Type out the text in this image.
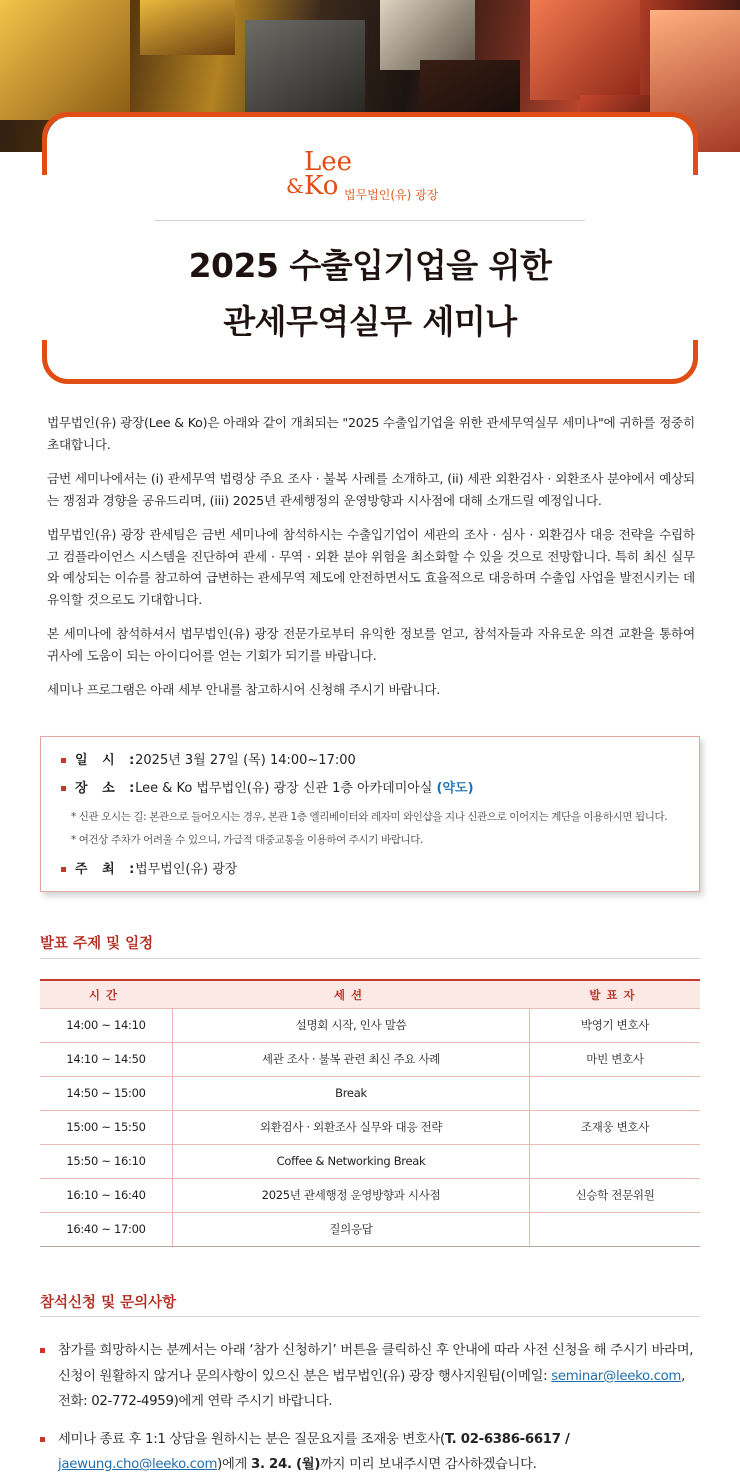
Lee
& Ko 법무법인(유) 광장
2025 수출입기업을 위한
관세무역실무 세미나

법무법인(유) 광장(Lee & Ko)은 아래와 같이 개최되는 "2025 수출입기업을 위한 관세무역실무 세미나"에 귀하를 정중히 초대합니다.

금번 세미나에서는 (i) 관세무역 법령상 주요 조사 · 불복 사례를 소개하고, (ii) 세관 외환검사 · 외환조사 분야에서 예상되는 쟁점과 경향을 공유드리며, (iii) 2025년 관세행정의 운영방향과 시사점에 대해 소개드릴 예정입니다.

법무법인(유) 광장 관세팀은 금번 세미나에 참석하시는 수출입기업이 세관의 조사 · 심사 · 외환검사 대응 전략을 수립하고 컴플라이언스 시스템을 진단하여 관세 · 무역 · 외환 분야 위험을 최소화할 수 있을 것으로 전망합니다. 특히 최신 실무와 예상되는 이슈를 참고하여 급변하는 관세무역 제도에 안전하면서도 효율적으로 대응하며 수출입 사업을 발전시키는 데 유익할 것으로도 기대합니다.

본 세미나에 참석하셔서 법무법인(유) 광장 전문가로부터 유익한 정보를 얻고, 참석자들과 자유로운 의견 교환을 통하여 귀사에 도움이 되는 아이디어를 얻는 기회가 되기를 바랍니다.

세미나 프로그램은 아래 세부 안내를 참고하시어 신청해 주시기 바랍니다.

일 시 : 2025년 3월 27일 (목) 14:00~17:00
장 소 : Lee & Ko 법무법인(유) 광장 신관 1층 아카데미아실 (약도)
* 신관 오시는 길: 본관으로 들어오시는 경우, 본관 1층 엘리베이터와 레자미 와인샵을 지나 신관으로 이어지는 계단을 이용하시면 됩니다.
* 여건상 주차가 어려울 수 있으니, 가급적 대중교통을 이용하여 주시기 바랍니다.
주 최 : 법무법인(유) 광장
발표 주제 및 일정
시간	세션	발표자
14:00 ~ 14:10	설명회 시작, 인사 말씀	박영기 변호사
14:10 ~ 14:50	세관 조사 · 불복 관련 최신 주요 사례	마빈 변호사
14:50 ~ 15:00	Break
15:00 ~ 15:50	외환검사 · 외환조사 실무와 대응 전략	조재웅 변호사
15:50 ~ 16:10	Coffee & Networking Break
16:10 ~ 16:40	2025년 관세행정 운영방향과 시사점	신승학 전문위원
16:40 ~ 17:00	질의응답
참석신청 및 문의사항
참가를 희망하시는 분께서는 아래 ‘참가 신청하기’ 버튼을 클릭하신 후 안내에 따라 사전 신청을 해 주시기 바라며, 신청이 원활하지 않거나 문의사항이 있으신 분은 법무법인(유) 광장 행사지원팀(이메일: seminar@leeko.com, 전화: 02-772-4959)에게 연락 주시기 바랍니다.
세미나 종료 후 1:1 상담을 원하시는 분은 질문요지를 조재웅 변호사(T. 02-6386-6617 / jaewung.cho@leeko.com)에게 3. 24. (월)까지 미리 보내주시면 감사하겠습니다.
